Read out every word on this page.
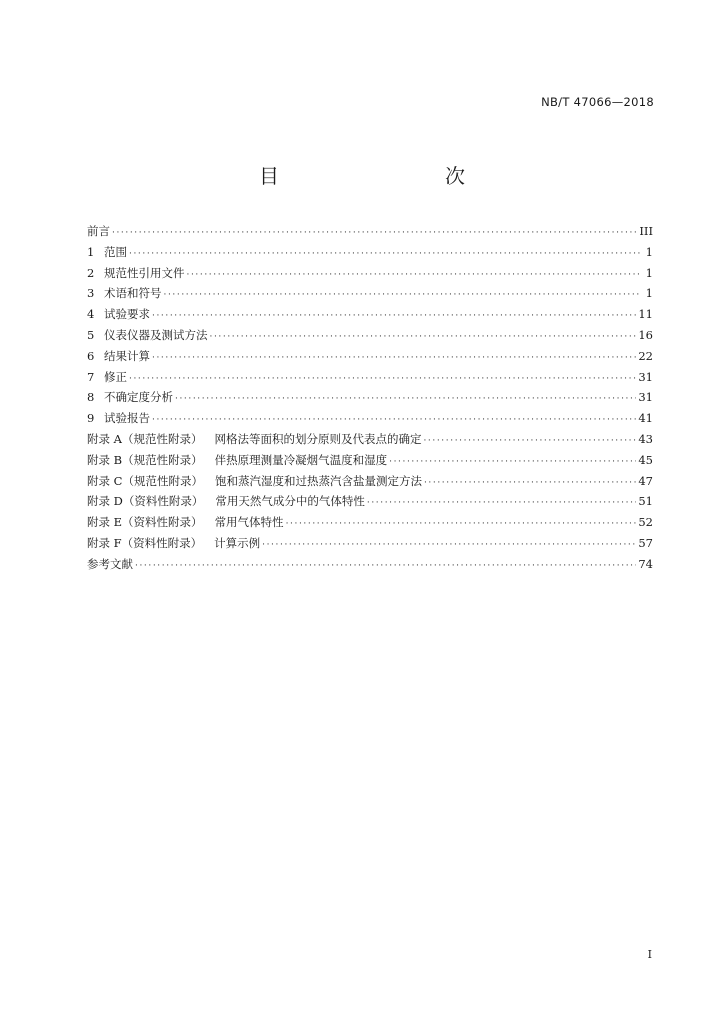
NB/T 47066—2018
目　　次
前言 ·····	III
1 范围 ·····	1
2 规范性引用文件 ·····	1
3 术语和符号 ·····	1
4 试验要求 ·····	11
5 仪表仪器及测试方法 ·····	16
6 结果计算 ·····	22
7 修正 ·····	31
8 不确定度分析 ·····	31
9 试验报告 ·····	41
附录 A（规范性附录） 网格法等面积的划分原则及代表点的确定 ·····	43
附录 B（规范性附录） 伴热原理测量冷凝烟气温度和湿度 ·····	45
附录 C（规范性附录） 饱和蒸汽湿度和过热蒸汽含盐量测定方法 ·····	47
附录 D（资料性附录） 常用天然气成分中的气体特性 ·····	51
附录 E（资料性附录） 常用气体特性 ·····	52
附录 F（资料性附录） 计算示例 ·····	57
参考文献 ·····	74
I
